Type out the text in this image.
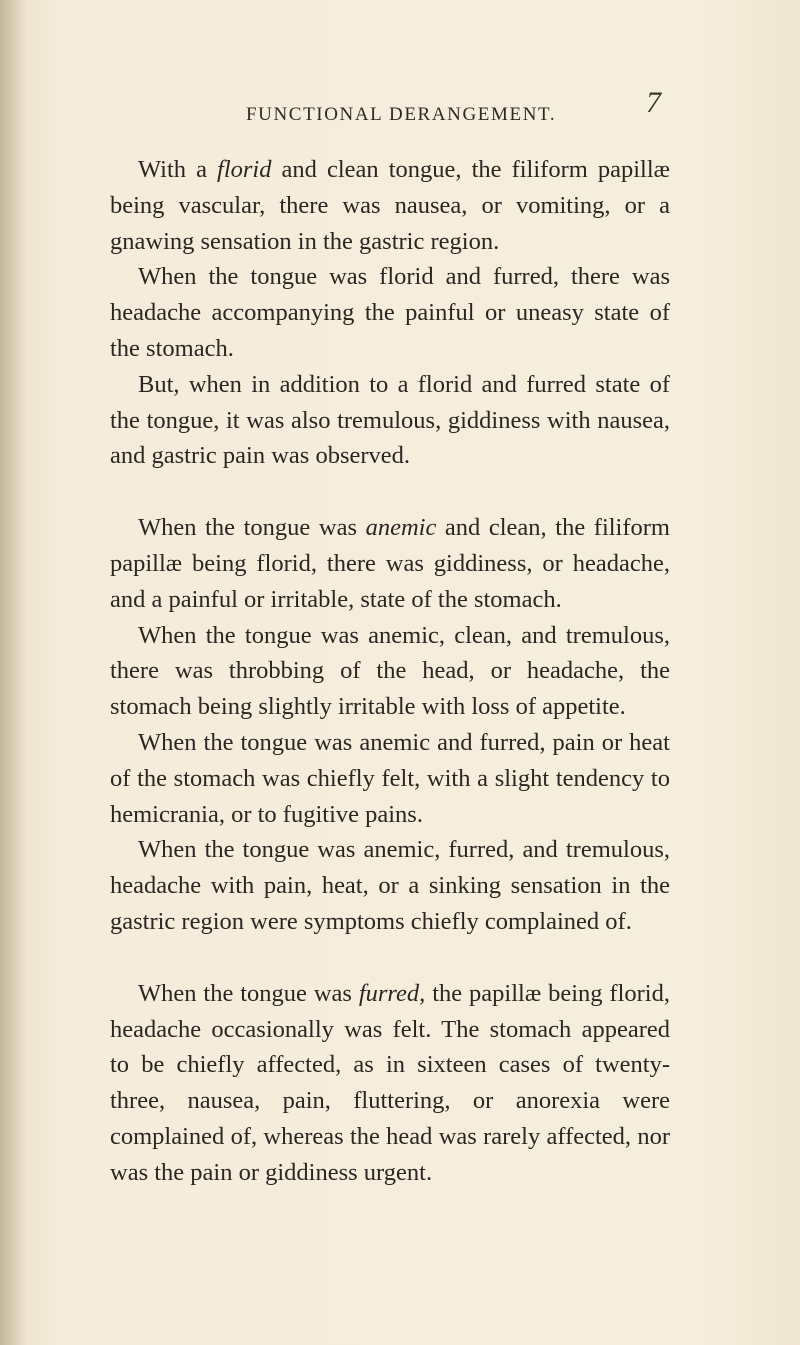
FUNCTIONAL DERANGEMENT.	7

With a florid and clean tongue, the filiform papillæ being vascular, there was nausea, or vomiting, or a gnawing sensation in the gastric region.

When the tongue was florid and furred, there was headache accompanying the painful or uneasy state of the stomach.

But, when in addition to a florid and furred state of the tongue, it was also tremulous, giddiness with nausea, and gastric pain was observed.

When the tongue was anemic and clean, the filiform papillæ being florid, there was giddiness, or headache, and a painful or irritable, state of the stomach.

When the tongue was anemic, clean, and tremulous, there was throbbing of the head, or headache, the stomach being slightly irritable with loss of appetite.

When the tongue was anemic and furred, pain or heat of the stomach was chiefly felt, with a slight tendency to hemicrania, or to fugitive pains.

When the tongue was anemic, furred, and tremulous, headache with pain, heat, or a sinking sensation in the gastric region were symptoms chiefly complained of.

When the tongue was furred, the papillæ being florid, headache occasionally was felt. The stomach appeared to be chiefly affected, as in sixteen cases of twenty-three, nausea, pain, fluttering, or anorexia were complained of, whereas the head was rarely affected, nor was the pain or giddiness urgent.
